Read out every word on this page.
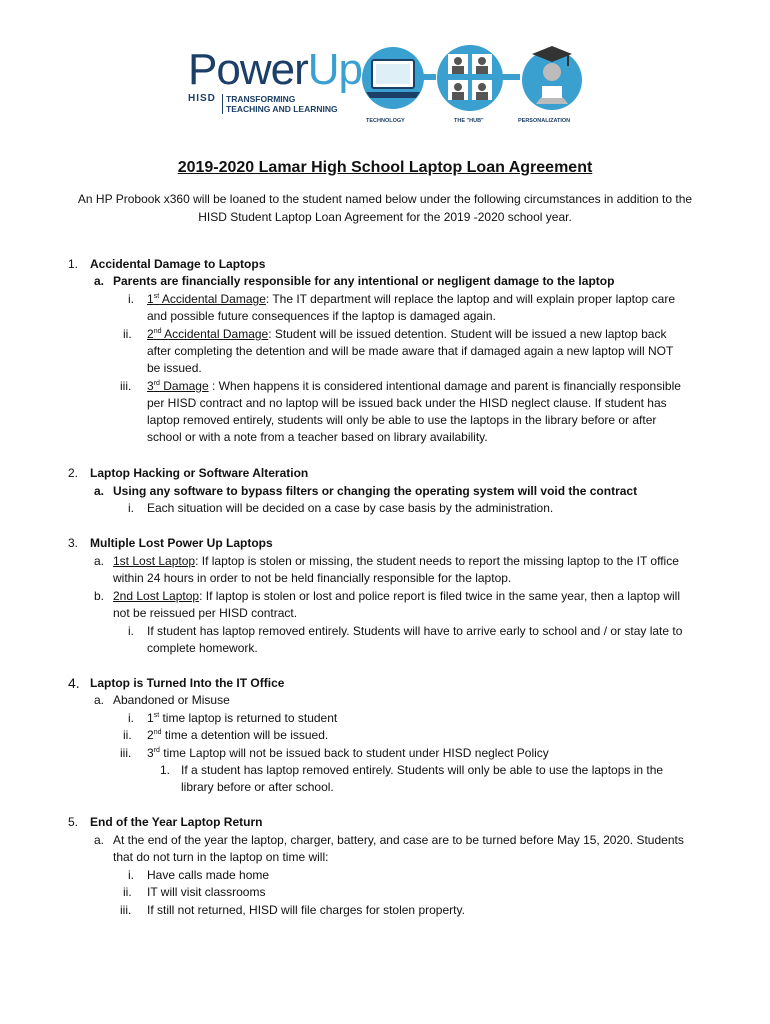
PowerUp
HISD	TRANSFORMING
TEACHING AND LEARNING
TECHNOLOGY	THE "HUB"	PERSONALIZATION
2019-2020 Lamar High School Laptop Loan Agreement
An HP Probook x360 will be loaned to the student named below under the following circumstances in addition to the
HISD Student Laptop Loan Agreement for the 2019 -2020 school year.
1. Accidental Damage to Laptops
a. Parents are financially responsible for any intentional or negligent damage to the laptop
i. 1st Accidental Damage: The IT department will replace the laptop and will explain proper laptop care
and possible future consequences if the laptop is damaged again.
ii. 2nd Accidental Damage: Student will be issued detention. Student will be issued a new laptop back
after completing the detention and will be made aware that if damaged again a new laptop will NOT
be issued.
iii. 3rd Damage : When happens it is considered intentional damage and parent is financially responsible
per HISD contract and no laptop will be issued back under the HISD neglect clause. If student has
laptop removed entirely, students will only be able to use the laptops in the library before or after
school or with a note from a teacher based on library availability.
2. Laptop Hacking or Software Alteration
a. Using any software to bypass filters or changing the operating system will void the contract
i. Each situation will be decided on a case by case basis by the administration.
3. Multiple Lost Power Up Laptops
a. 1st Lost Laptop: If laptop is stolen or missing, the student needs to report the missing laptop to the IT office
within 24 hours in order to not be held financially responsible for the laptop.
b. 2nd Lost Laptop: If laptop is stolen or lost and police report is filed twice in the same year, then a laptop will
not be reissued per HISD contract.
i. If student has laptop removed entirely. Students will have to arrive early to school and / or stay late to
complete homework.
4. Laptop is Turned Into the IT Office
a. Abandoned or Misuse
i. 1st time laptop is returned to student
ii. 2nd time a detention will be issued.
iii. 3rd time Laptop will not be issued back to student under HISD neglect Policy
1. If a student has laptop removed entirely. Students will only be able to use the laptops in the
library before or after school.
5. End of the Year Laptop Return
a. At the end of the year the laptop, charger, battery, and case are to be turned before May 15, 2020. Students
that do not turn in the laptop on time will:
i. Have calls made home
ii. IT will visit classrooms
iii. If still not returned, HISD will file charges for stolen property.
